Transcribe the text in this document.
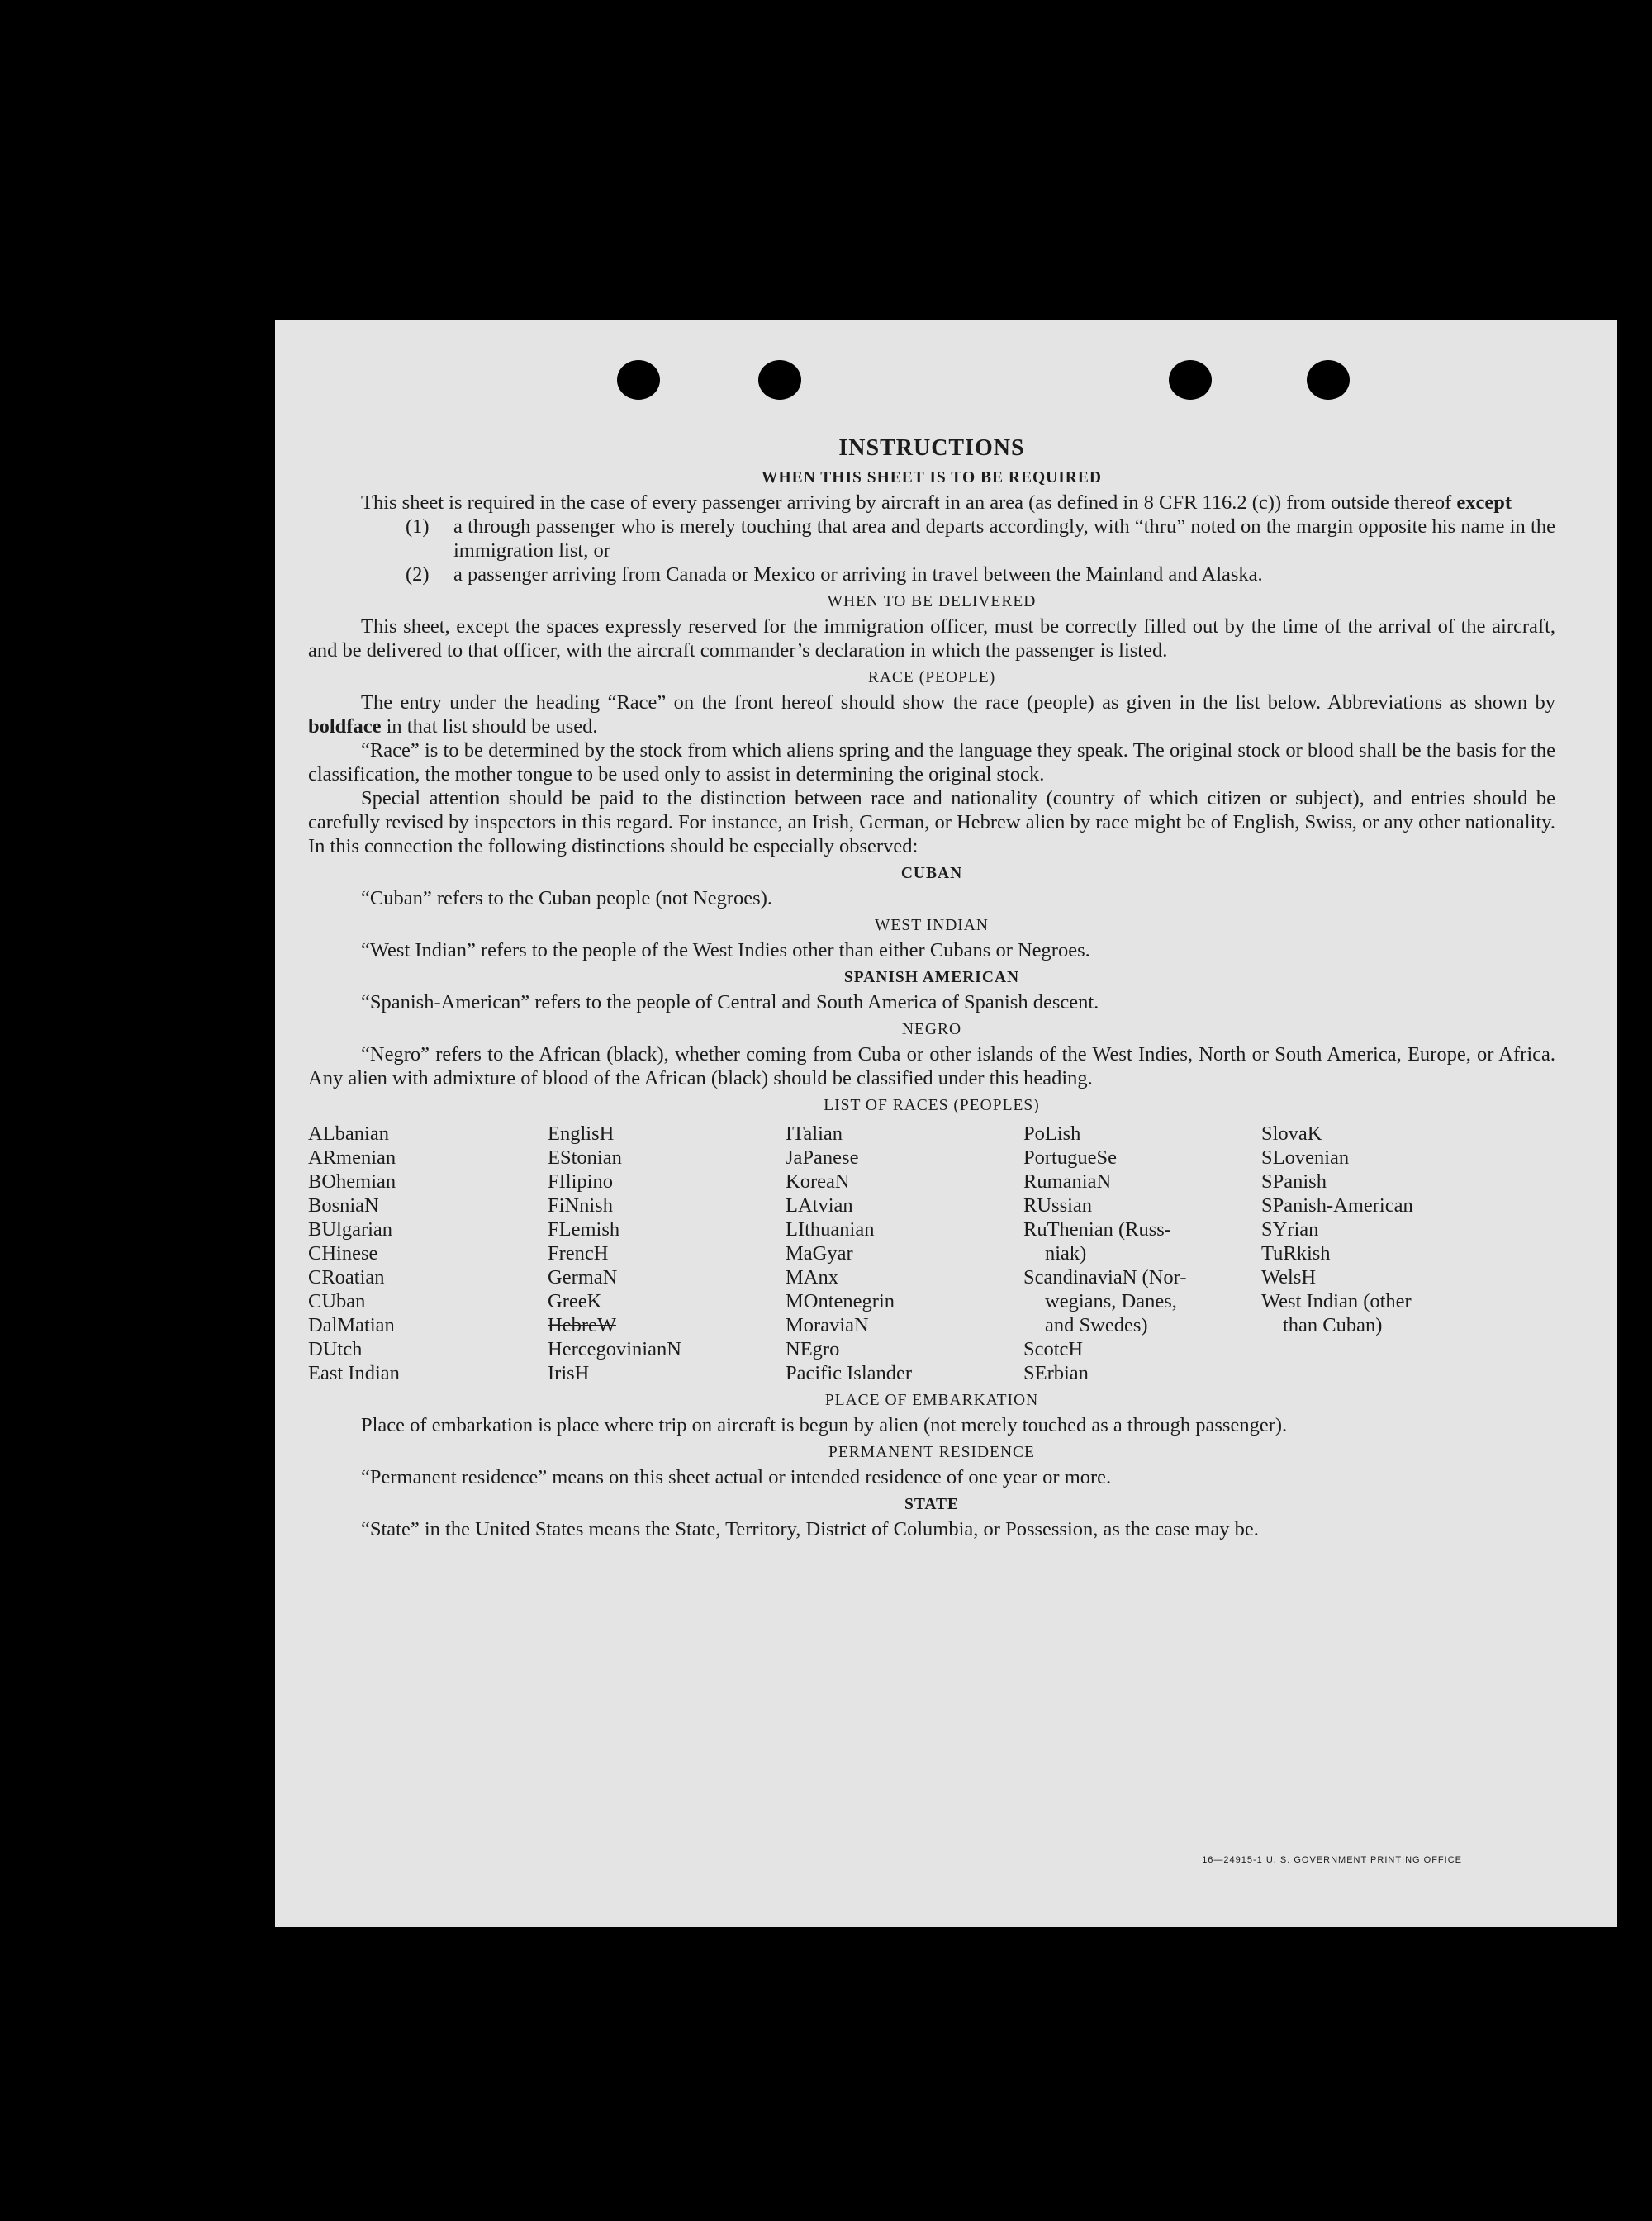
INSTRUCTIONS
WHEN THIS SHEET IS TO BE REQUIRED

This sheet is required in the case of every passenger arriving by aircraft in an area (as defined in 8 CFR 116.2 (c)) from outside thereof except

(1)	a through passenger who is merely touching that area and departs accordingly, with “thru” noted on the margin opposite his name in the immigration list, or
(2)	a passenger arriving from Canada or Mexico or arriving in travel between the Mainland and Alaska.
WHEN TO BE DELIVERED

This sheet, except the spaces expressly reserved for the immigration officer, must be correctly filled out by the time of the arrival of the aircraft, and be delivered to that officer, with the aircraft commander’s declaration in which the passenger is listed.

RACE (PEOPLE)

The entry under the heading “Race” on the front hereof should show the race (people) as given in the list below. Abbreviations as shown by boldface in that list should be used.

“Race” is to be determined by the stock from which aliens spring and the language they speak. The original stock or blood shall be the basis for the classification, the mother tongue to be used only to assist in determining the original stock.

Special attention should be paid to the distinction between race and nationality (country of which citizen or subject), and entries should be carefully revised by inspectors in this regard. For instance, an Irish, German, or Hebrew alien by race might be of English, Swiss, or any other nationality. In this connection the following distinctions should be especially observed:

CUBAN

“Cuban” refers to the Cuban people (not Negroes).

WEST INDIAN

“West Indian” refers to the people of the West Indies other than either Cubans or Negroes.

SPANISH AMERICAN

“Spanish-American” refers to the people of Central and South America of Spanish descent.

NEGRO

“Negro” refers to the African (black), whether coming from Cuba or other islands of the West Indies, North or South America, Europe, or Africa. Any alien with admixture of blood of the African (black) should be classified under this heading.

LIST OF RACES (PEOPLES)
ALbanian
ARmenian
BOhemian
BosniaN
BUlgarian
CHinese
CRoatian
CUban
DalMatian
DUtch
East Indian
EnglisH
EStonian
FIlipino
FiNnish
FLemish
FrencH
GermaN
GreeK
HebreW
HercegovinianN
IrisH
ITalian
JaPanese
KoreaN
LAtvian
LIthuanian
MaGyar
MAnx
MOntenegrin
MoraviaN
NEgro
Pacific Islander
PoLish
PortugueSe
RumaniaN
RUssian
RuThenian (Russ-
niak)
ScandinaviaN (Nor-
wegians, Danes,
and Swedes)
ScotcH
SErbian
SlovaK
SLovenian
SPanish
SPanish-American
SYrian
TuRkish
WelsH
West Indian (other
than Cuban)
PLACE OF EMBARKATION

Place of embarkation is place where trip on aircraft is begun by alien (not merely touched as a through passenger).

PERMANENT RESIDENCE

“Permanent residence” means on this sheet actual or intended residence of one year or more.

STATE

“State” in the United States means the State, Territory, District of Columbia, or Possession, as the case may be.

16—24915-1 U. S. GOVERNMENT PRINTING OFFICE
